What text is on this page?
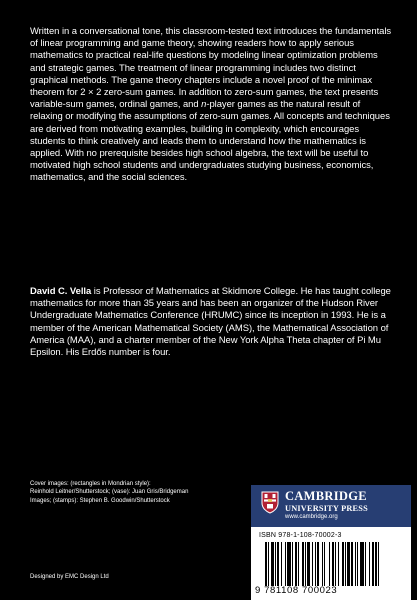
Written in a conversational tone, this classroom-tested text introduces the fundamentals of linear programming and game theory, showing readers how to apply serious mathematics to practical real-life questions by modeling linear optimization problems and strategic games. The treatment of linear programming includes two distinct graphical methods. The game theory chapters include a novel proof of the minimax theorem for 2 × 2 zero-sum games. In addition to zero-sum games, the text presents variable-sum games, ordinal games, and n-player games as the natural result of relaxing or modifying the assumptions of zero-sum games. All concepts and techniques are derived from motivating examples, building in complexity, which encourages students to think creatively and leads them to understand how the mathematics is applied. With no prerequisite besides high school algebra, the text will be useful to motivated high school students and undergraduates studying business, economics, mathematics, and the social sciences.

David C. Vella is Professor of Mathematics at Skidmore College. He has taught college mathematics for more than 35 years and has been an organizer of the Hudson River Undergraduate Mathematics Conference (HRUMC) since its inception in 1993. He is a member of the American Mathematical Society (AMS), the Mathematical Association of America (MAA), and a charter member of the New York Alpha Theta chapter of Pi Mu Epsilon. His Erdős number is four.

Cover images: (rectangles in Mondrian style):
Reinhold Leitner/Shutterstock; (vase): Juan Gris/Bridgeman
Images; (stamps): Stephen B. Goodwin/Shutterstock
Designed by EMC Design Ltd
CAMBRIDGE
UNIVERSITY PRESS
www.cambridge.org
ISBN 978-1-108-70002-3
9 781108 700023
